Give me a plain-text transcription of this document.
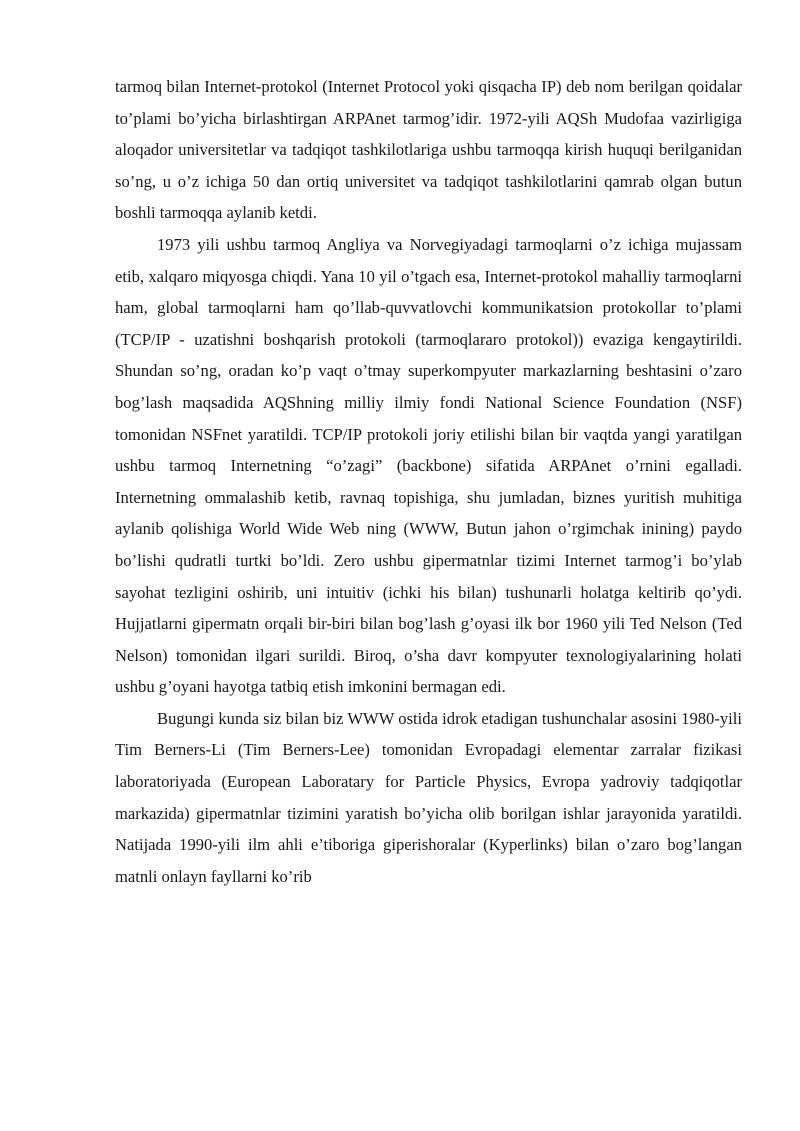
tarmoq bilan Internet-protokol (Internet Protocol yoki qisqacha IP) deb nom berilgan qoidalar to’plami bo’yicha birlashtirgan ARPAnet tarmog’idir. 1972-yili AQSh Mudofaa vazirligiga aloqador universitetlar va tadqiqot tashkilotlariga ushbu tarmoqqa kirish huquqi berilganidan so’ng, u o’z ichiga 50 dan ortiq universitet va tadqiqot tashkilotlarini qamrab olgan butun boshli tarmoqqa aylanib ketdi.

1973 yili ushbu tarmoq Angliya va Norvegiyadagi tarmoqlarni o’z ichiga mujassam etib, xalqaro miqyosga chiqdi. Yana 10 yil o’tgach esa, Internet-protokol mahalliy tarmoqlarni ham, global tarmoqlarni ham qo’llab-quvvatlovchi kommunikatsion protokollar to’plami (TCP/IP - uzatishni boshqarish protokoli (tarmoqlararo protokol)) evaziga kengaytirildi. Shundan so’ng, oradan ko’p vaqt o’tmay superkompyuter markazlarning beshtasini o’zaro bog’lash maqsadida AQShning milliy ilmiy fondi National Science Foundation (NSF) tomonidan NSFnet yaratildi. TCP/IP protokoli joriy etilishi bilan bir vaqtda yangi yaratilgan ushbu tarmoq Internetning “o’zagi” (backbone) sifatida ARPAnet o’rnini egalladi. Internetning ommalashib ketib, ravnaq topishiga, shu jumladan, biznes yuritish muhitiga aylanib qolishiga World Wide Web ning (WWW, Butun jahon o’rgimchak inining) paydo bo’lishi qudratli turtki bo’ldi. Zero ushbu gipermatnlar tizimi Internet tarmog’i bo’ylab sayohat tezligini oshirib, uni intuitiv (ichki his bilan) tushunarli holatga keltirib qo’ydi. Hujjatlarni gipermatn orqali bir-biri bilan bog’lash g’oyasi ilk bor 1960 yili Ted Nelson (Ted Nelson) tomonidan ilgari surildi. Biroq, o’sha davr kompyuter texnologiyalarining holati ushbu g’oyani hayotga tatbiq etish imkonini bermagan edi.

Bugungi kunda siz bilan biz WWW ostida idrok etadigan tushunchalar asosini 1980-yili Tim Berners-Li (Tim Berners-Lee) tomonidan Evropadagi elementar zarralar fizikasi laboratoriyada (European Laboratary for Particle Physics, Evropa yadroviy tadqiqotlar markazida) gipermatnlar tizimini yaratish bo’yicha olib borilgan ishlar jarayonida yaratildi. Natijada 1990-yili ilm ahli e’tiboriga giperishoralar (Kyperlinks) bilan o’zaro bog’langan matnli onlayn fayllarni ko’rib
